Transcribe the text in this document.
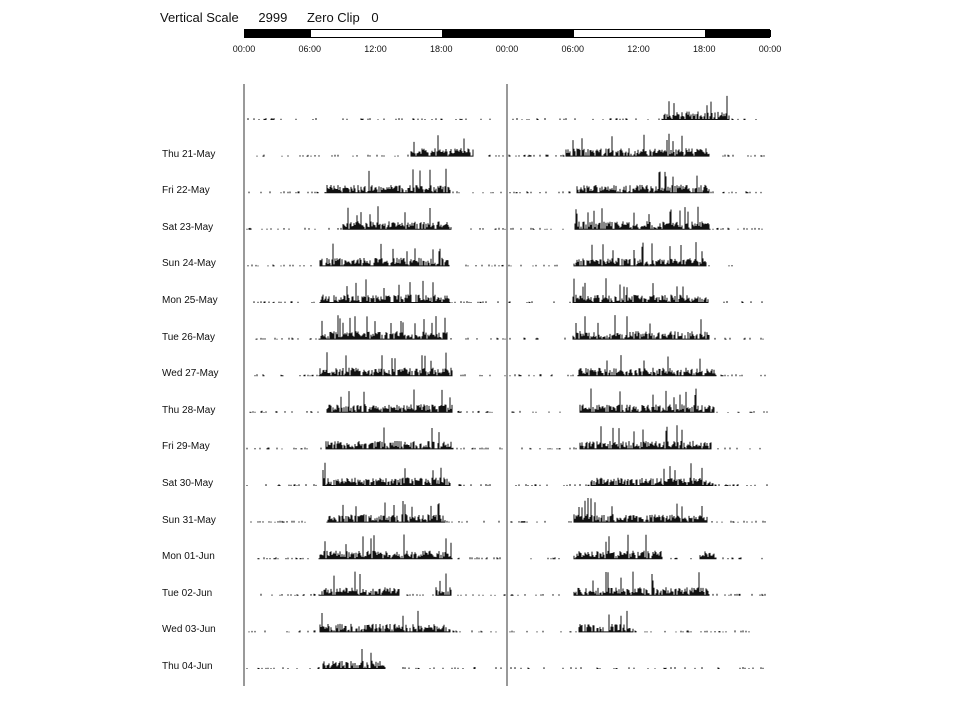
Vertical Scale 2999 Zero Clip 0
00:00	06:00	12:00	18:00	00:00	06:00	12:00	18:00	00:00
Thu 21-May
Fri 22-May
Sat 23-May
Sun 24-May
Mon 25-May
Tue 26-May
Wed 27-May
Thu 28-May
Fri 29-May
Sat 30-May
Sun 31-May
Mon 01-Jun
Tue 02-Jun
Wed 03-Jun
Thu 04-Jun
